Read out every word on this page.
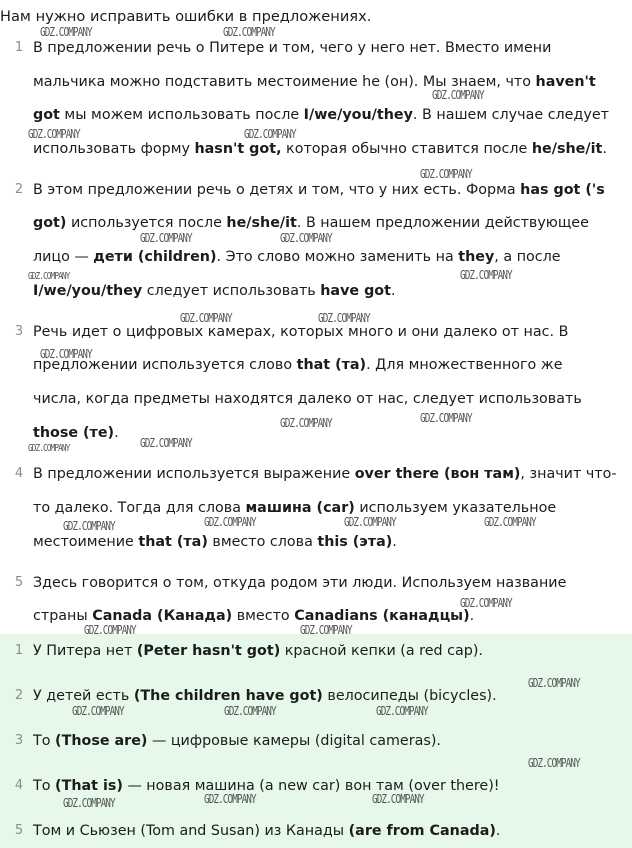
Нам нужно исправить ошибки в предложениях.
1 В предложении речь о Питере и том, чего у него нет. Вместо имени
мальчика можно подставить местоимение he (он). Мы знаем, что haven't
got мы можем использовать после I/we/you/they. В нашем случае следует
использовать форму hasn't got, которая обычно ставится после he/she/it.
2 В этом предложении речь о детях и том, что у них есть. Форма has got ('s
got) используется после he/she/it. В нашем предложении действующее
лицо — дети (children). Это слово можно заменить на they, а после
I/we/you/they следует использовать have got.
3 Речь идет о цифровых камерах, которых много и они далеко от нас. В
предложении используется слово that (та). Для множественного же
числа, когда предметы находятся далеко от нас, следует использовать
those (те).
4 В предложении используется выражение over there (вон там), значит что-
то далеко. Тогда для слова машина (car) используем указательное
местоимение that (та) вместо слова this (эта).
5 Здесь говорится о том, откуда родом эти люди. Используем название
страны Canada (Канада) вместо Canadians (канадцы).
1 У Питера нет (Peter hasn't got) красной кепки (a red cap).
2 У детей есть (The children have got) велосипеды (bicycles).
3 То (Those are) — цифровые камеры (digital cameras).
4 То (That is) — новая машина (a new car) вон там (over there)!
5 Том и Сьюзен (Tom and Susan) из Канады (are from Canada).
GDZ.COMPANY	GDZ.COMPANY
GDZ.COMPANY
GDZ.COMPANY	GDZ.COMPANY
GDZ.COMPANY
GDZ.COMPANY	GDZ.COMPANY
GDZ.COMPANY
GDZ.COMPANY
GDZ.COMPANY	GDZ.COMPANY
GDZ.COMPANY
GDZ.COMPANY	GDZ.COMPANY
GDZ.COMPANY
GDZ.COMPANY
GDZ.COMPANY	GDZ.COMPANY	GDZ.COMPANY	GDZ.COMPANY
GDZ.COMPANY
GDZ.COMPANY	GDZ.COMPANY
GDZ.COMPANY
GDZ.COMPANY	GDZ.COMPANY	GDZ.COMPANY
GDZ.COMPANY
GDZ.COMPANY	GDZ.COMPANY	GDZ.COMPANY
